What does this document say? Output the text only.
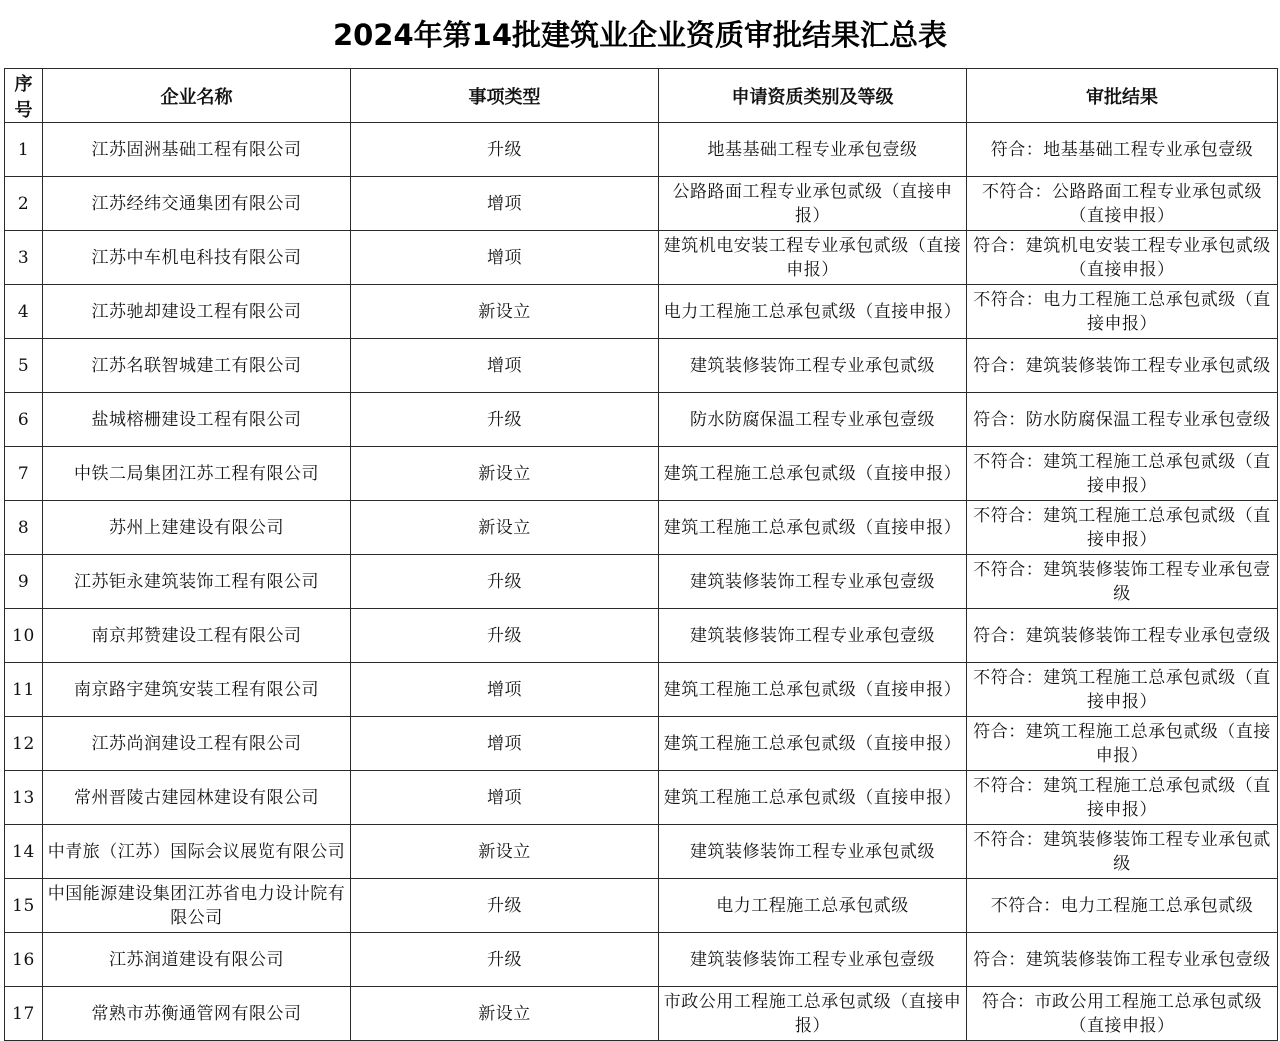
2024年第14批建筑业企业资质审批结果汇总表
序号	企业名称	事项类型	申请资质类别及等级	审批结果
1	江苏固洲基础工程有限公司	升级	地基基础工程专业承包壹级	符合：地基基础工程专业承包壹级
2	江苏经纬交通集团有限公司	增项	公路路面工程专业承包贰级（直接申报）	不符合：公路路面工程专业承包贰级（直接申报）
3	江苏中车机电科技有限公司	增项	建筑机电安装工程专业承包贰级（直接申报）	符合：建筑机电安装工程专业承包贰级（直接申报）
4	江苏驰却建设工程有限公司	新设立	电力工程施工总承包贰级（直接申报）	不符合：电力工程施工总承包贰级（直接申报）
5	江苏名联智城建工有限公司	增项	建筑装修装饰工程专业承包贰级	符合：建筑装修装饰工程专业承包贰级
6	盐城榕栅建设工程有限公司	升级	防水防腐保温工程专业承包壹级	符合：防水防腐保温工程专业承包壹级
7	中铁二局集团江苏工程有限公司	新设立	建筑工程施工总承包贰级（直接申报）	不符合：建筑工程施工总承包贰级（直接申报）
8	苏州上建建设有限公司	新设立	建筑工程施工总承包贰级（直接申报）	不符合：建筑工程施工总承包贰级（直接申报）
9	江苏钜永建筑装饰工程有限公司	升级	建筑装修装饰工程专业承包壹级	不符合：建筑装修装饰工程专业承包壹级
10	南京邦赞建设工程有限公司	升级	建筑装修装饰工程专业承包壹级	符合：建筑装修装饰工程专业承包壹级
11	南京路宇建筑安装工程有限公司	增项	建筑工程施工总承包贰级（直接申报）	不符合：建筑工程施工总承包贰级（直接申报）
12	江苏尚润建设工程有限公司	增项	建筑工程施工总承包贰级（直接申报）	符合：建筑工程施工总承包贰级（直接申报）
13	常州晋陵古建园林建设有限公司	增项	建筑工程施工总承包贰级（直接申报）	不符合：建筑工程施工总承包贰级（直接申报）
14	中青旅（江苏）国际会议展览有限公司	新设立	建筑装修装饰工程专业承包贰级	不符合：建筑装修装饰工程专业承包贰级
15	中国能源建设集团江苏省电力设计院有限公司	升级	电力工程施工总承包贰级	不符合：电力工程施工总承包贰级
16	江苏润道建设有限公司	升级	建筑装修装饰工程专业承包壹级	符合：建筑装修装饰工程专业承包壹级
17	常熟市苏衡通管网有限公司	新设立	市政公用工程施工总承包贰级（直接申报）	符合：市政公用工程施工总承包贰级（直接申报）
